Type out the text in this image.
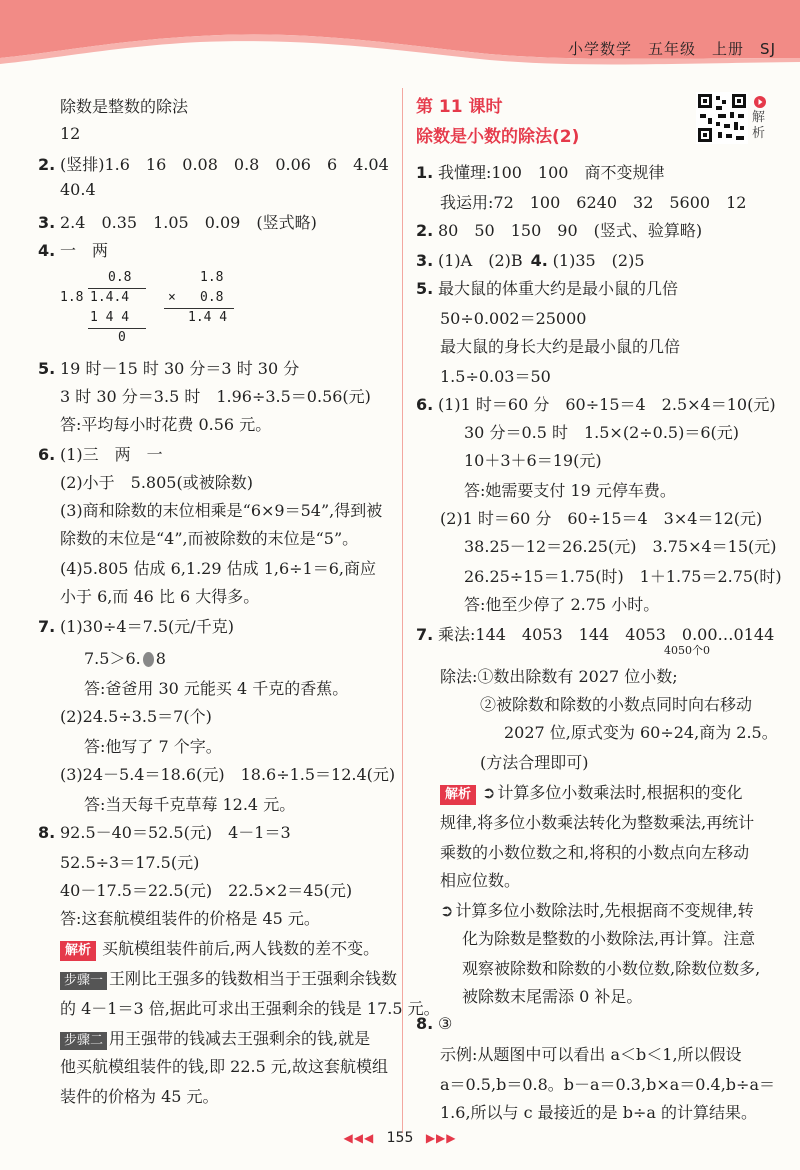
小学数学　五年级　上册　SJ
除数是整数的除法
12
2. (竖排)1.6　16　0.08　0.8　0.06　6　4.04
40.4
3. 2.4　0.35　1.05　0.09　(竖式略)
4. 一　两
0.8
1.8 1.4.4
1 4 4
0
1.8
× 0.8
1.4 4
5. 19 时－15 时 30 分＝3 时 30 分
3 时 30 分＝3.5 时　1.96÷3.5＝0.56(元)
答:平均每小时花费 0.56 元。
6. (1)三　两　一
(2)小于　5.805(或被除数)
(3)商和除数的末位相乘是“6×9＝54”,得到被
除数的末位是“4”,而被除数的末位是“5”。
(4)5.805 估成 6,1.29 估成 1,6÷1＝6,商应
小于 6,而 46 比 6 大得多。
7. (1)30÷4＝7.5(元/千克)
7.5＞6. 8
答:爸爸用 30 元能买 4 千克的香蕉。
(2)24.5÷3.5＝7(个)
答:他写了 7 个字。
(3)24－5.4＝18.6(元)　18.6÷1.5＝12.4(元)
答:当天每千克草莓 12.4 元。
8. 92.5－40＝52.5(元)　4－1＝3
52.5÷3＝17.5(元)
40－17.5＝22.5(元)　22.5×2＝45(元)
答:这套航模组装件的价格是 45 元。
解析 买航模组装件前后,两人钱数的差不变。
步骤一 王刚比王强多的钱数相当于王强剩余钱数
的 4－1＝3 倍,据此可求出王强剩余的钱是 17.5 元。
步骤二 用王强带的钱减去王强剩余的钱,就是
他买航模组装件的钱,即 22.5 元,故这套航模组
装件的价格为 45 元。
第 11 课时
除数是小数的除法(2)
解析
1. 我懂理:100　100　商不变规律
我运用:72　100　6240　32　5600　12
2. 80　50　150　90　(竖式、验算略)
3. (1)A　(2)B 4. (1)35　(2)5
5. 最大鼠的体重大约是最小鼠的几倍
50÷0.002＝25000
最大鼠的身长大约是最小鼠的几倍
1.5÷0.03＝50
6. (1)1 时＝60 分　60÷15＝4　2.5×4＝10(元)
30 分＝0.5 时　1.5×(2÷0.5)＝6(元)
10＋3＋6＝19(元)
答:她需要支付 19 元停车费。
(2)1 时＝60 分　60÷15＝4　3×4＝12(元)
38.25－12＝26.25(元)　3.75×4＝15(元)
26.25÷15＝1.75(时)　1＋1.75＝2.75(时)
答:他至少停了 2.75 小时。
7. 乘法:144　4053　144　4053　0.00…0144
4050个0
除法:①数出除数有 2027 位小数;
②被除数和除数的小数点同时向右移动
2027 位,原式变为 60÷24,商为 2.5。
(方法合理即可)
解析 ➲ 计算多位小数乘法时,根据积的变化
规律,将多位小数乘法转化为整数乘法,再统计
乘数的小数位数之和,将积的小数点向左移动
相应位数。
➲ 计算多位小数除法时,先根据商不变规律,转
化为除数是整数的小数除法,再计算。注意
观察被除数和除数的小数位数,除数位数多,
被除数末尾需添 0 补足。
8. ③
示例:从题图中可以看出 a＜b＜1,所以假设
a＝0.5,b＝0.8。b－a＝0.3,b×a＝0.4,b÷a＝
1.6,所以与 c 最接近的是 b÷a 的计算结果。
◀◀◀ 155 ▶▶▶
